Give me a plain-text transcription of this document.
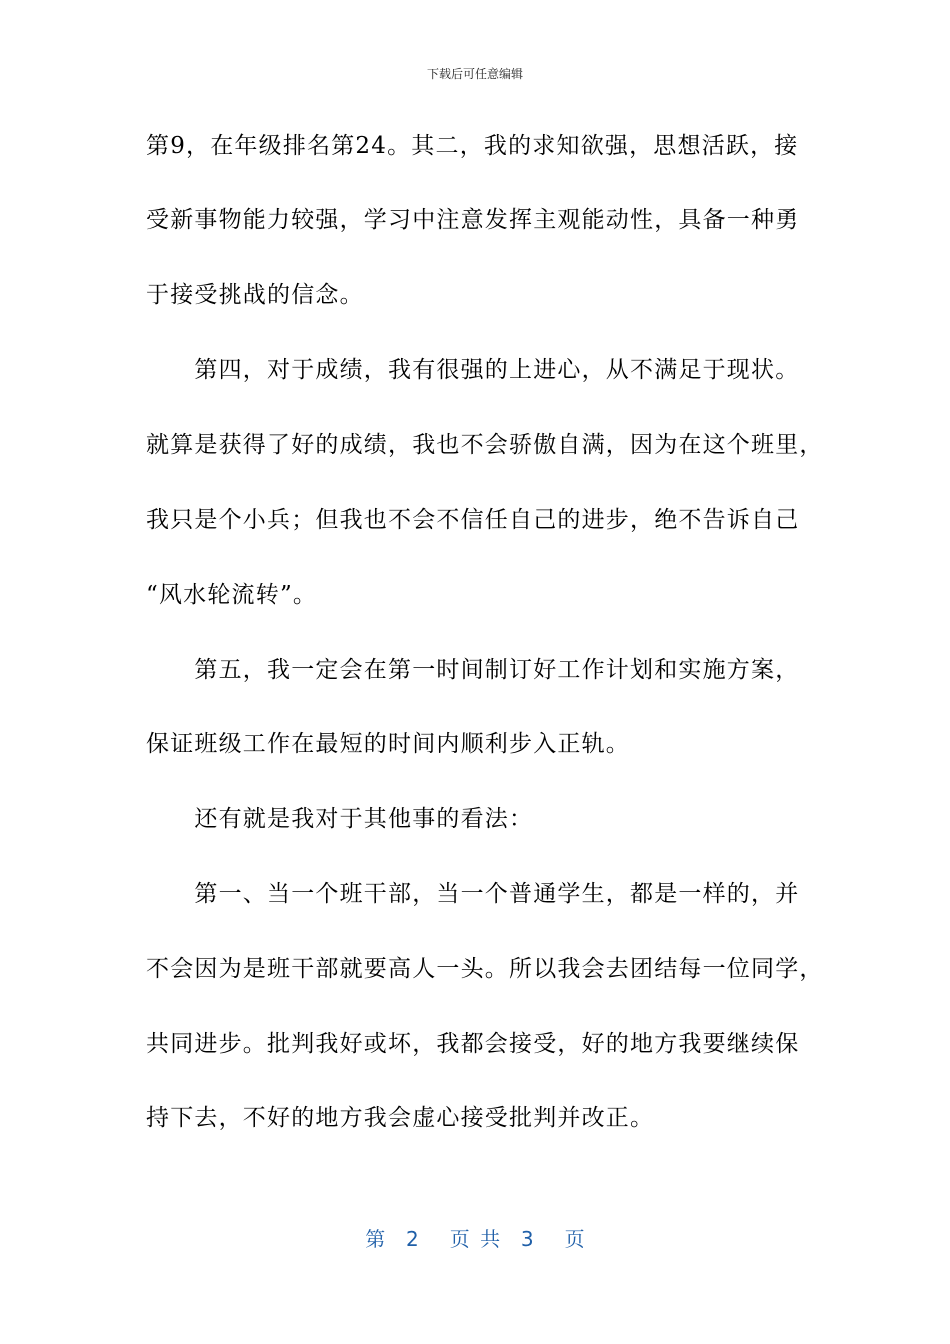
下载后可任意编辑
第9，在年级排名第24。其二，我的求知欲强，思想活跃，接
受新事物能力较强，学习中注意发挥主观能动性，具备一种勇
于接受挑战的信念。
　　第四，对于成绩，我有很强的上进心，从不满足于现状。
就算是获得了好的成绩，我也不会骄傲自满，因为在这个班里，
我只是个小兵；但我也不会不信任自己的进步，绝不告诉自己
“风水轮流转”。
　　第五，我一定会在第一时间制订好工作计划和实施方案，
保证班级工作在最短的时间内顺利步入正轨。
　　还有就是我对于其他事的看法：
　　第一、当一个班干部，当一个普通学生，都是一样的，并
不会因为是班干部就要高人一头。所以我会去团结每一位同学，
共同进步。批判我好或坏，我都会接受，好的地方我要继续保
持下去，不好的地方我会虚心接受批判并改正。
第  2   页 共  3   页
